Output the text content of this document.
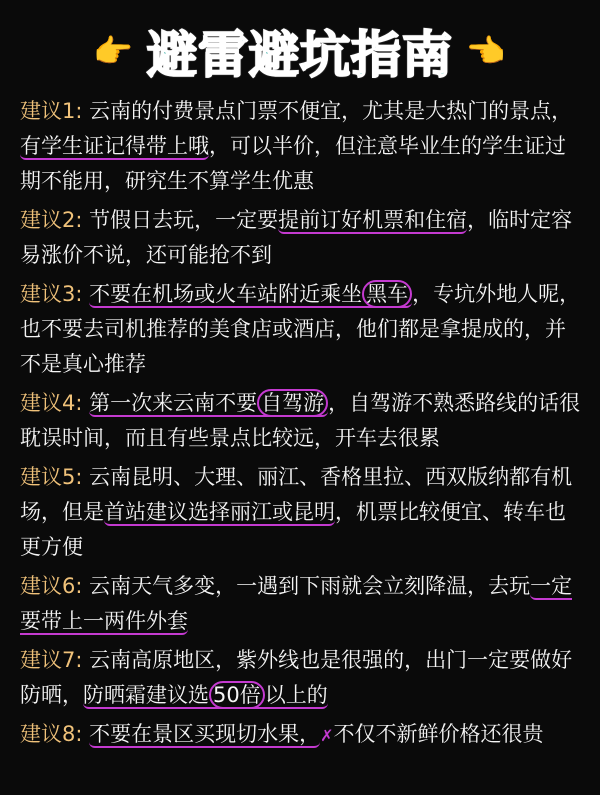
👉 避雷避坑指南 👉

建议1: 云南的付费景点门票不便宜，尤其是大热门的景点，有学生证记得带上哦，可以半价，但注意毕业生的学生证过期不能用，研究生不算学生优惠

建议2: 节假日去玩，一定要提前订好机票和住宿，临时定容易涨价不说，还可能抢不到

建议3: 不要在机场或火车站附近乘坐 黑车 ，专坑外地人呢，也不要去司机推荐的美食店或酒店，他们都是拿提成的，并不是真心推荐

建议4: 第一次来云南不要 自驾游 ，自驾游不熟悉路线的话很耽误时间，而且有些景点比较远，开车去很累

建议5: 云南昆明、大理、丽江、香格里拉、西双版纳都有机场，但是首站建议选择丽江或昆明，机票比较便宜、转车也更方便

建议6: 云南天气多变，一遇到下雨就会立刻降温，去玩一定要带上一两件外套

建议7: 云南高原地区，紫外线也是很强的，出门一定要做好防晒，防晒霜建议选 50倍 以上的

建议8: 不要在景区买现切水果，✗不仅不新鲜价格还很贵
